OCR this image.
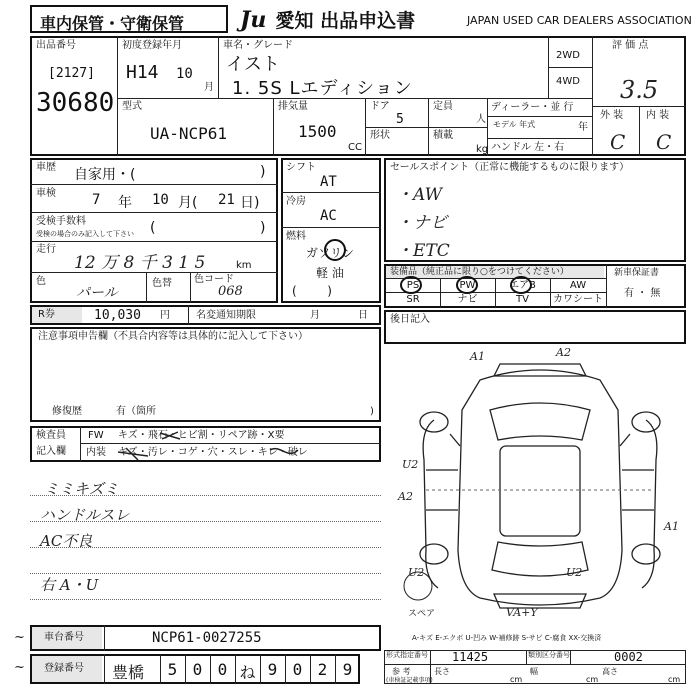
車内保管・守衛保管	Ju 愛知 出品申込書	JAPAN USED CAR DEALERS ASSOCIATION
出品番号
[2127]
30680
初度登録年月
H14 10
月
車名・グレード
イスト
1. 5S Lエディション
2WD
4WD
評 価 点
3.5
外 装 内 装
C C
型式
UA-NCP61
排気量
1500
CC
ドア
5
定員
人
形状	積載
kg
ディーラー・並 行
モデル 年式	年
ハンドル 左・右
車歴 自家用・(	)
車検	7 年 10 月( 21 日)
受検手数料
受検の場合のみ記入して下さい (	)
走行
12 万 8 千 3 1 5	km
色
パール
色替 色コード
068
シフト
AT
冷房
AC
燃料
ガソリン
軽 油
(        )
セールスポイント（正常に機能するものに限ります）
・AW
・ナビ
・ETC
装備品（純正品に限り○をつけてください）
PS	PW	エアB	AW
SR	ナビ	TV	カワシート
新車保証書
有 ・ 無
R券	10,030 円	名変通知期限	月	日
注意事項申告欄（不具合内容等は具体的に記入して下さい）
修復歴	有（箇所	)
検査員
記入欄
FW キズ・飛石・ヒビ割・リペア跡・X要
内装 キズ・汚レ・コゲ・穴・スレ・キレ・破レ
ミミキズミ
ハンドルスレ
AC不良
右 A・U
後日記入
A1	A2
U2
A2
U2
A1
U2
VA+Y
スペア
A-キズ E-エクボ U-凹み W-補修跡 S-サビ C-腐食 XX-交換済
車台番号	NCP61-0027255
登録番号 豊橋	5 0 0 ね 9 0 2 9
形式指定番号 11425	類別区分番号	0002
参 考
(車検証記載事項)
長さ
cm
幅
cm
高さ
cm
~
~
